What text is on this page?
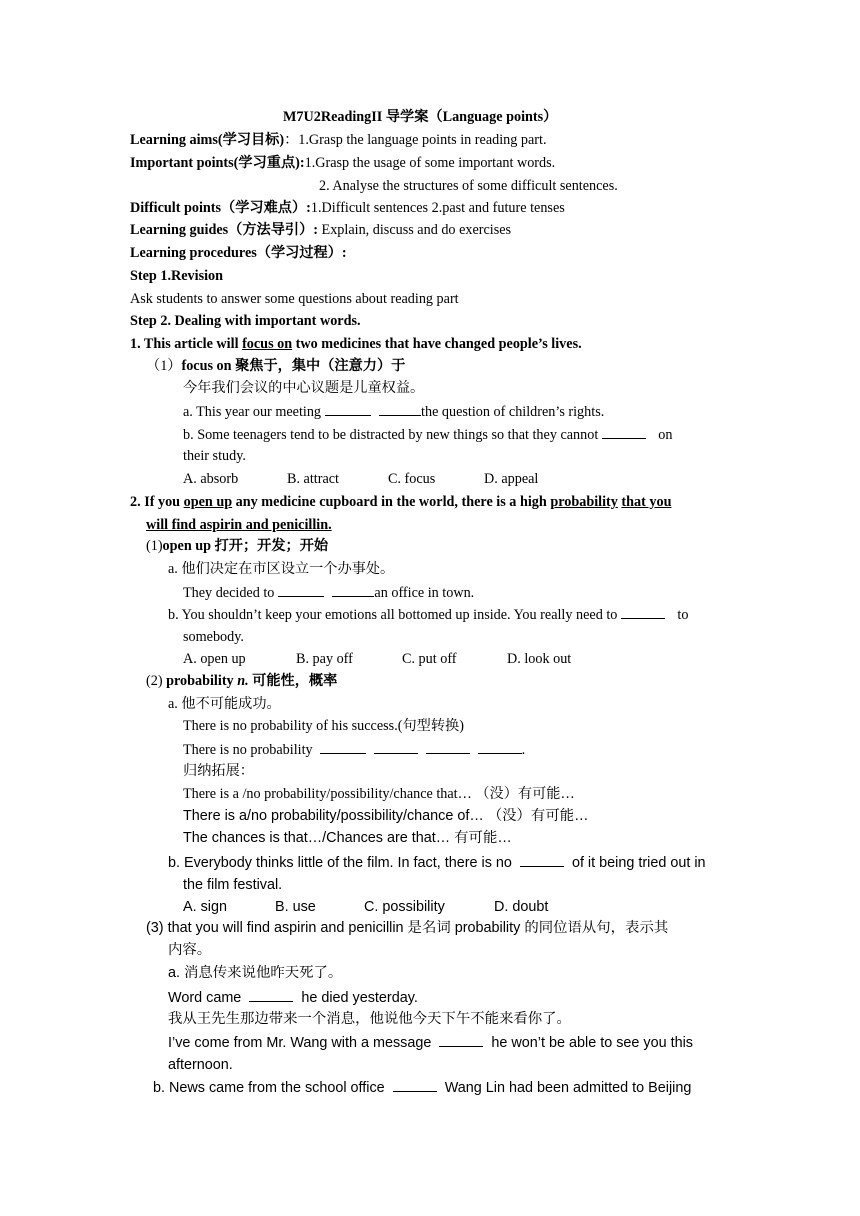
M7U2ReadingII 导学案（Language points）
Learning aims(学习目标)：1.Grasp the language points in reading part.
Important points(学习重点):1.Grasp the usage of some important words.
2. Analyse the structures of some difficult sentences.
Difficult points（学习难点）:1.Difficult sentences 2.past and future tenses
Learning guides（方法导引）: Explain, discuss and do exercises
Learning procedures（学习过程）:
Step 1.Revision
Ask students to answer some questions about reading part
Step 2. Dealing with important words.
1. This article will focus on two medicines that have changed people’s lives.
（1）focus on 聚焦于，集中（注意力）于
今年我们会议的中心议题是儿童权益。
a. This year our meeting	the question of children’s rights.
b. Some teenagers tend to be distracted by new things so that they cannot	on
their study.
A. absorb	B. attract	C. focus	D. appeal
2. If you open up any medicine cupboard in the world, there is a high probability that you
will find aspirin and penicillin.
(1)open up 打开；开发；开始
a. 他们决定在市区设立一个办事处。
They decided to	an office in town.
b. You shouldn’t keep your emotions all bottomed up inside. You really need to	to
somebody.
A. open up	B. pay off	C. put off	D. look out
(2) probability n. 可能性，概率
a. 他不可能成功。
There is no probability of his success.(句型转换)
There is no probability	.
归纳拓展：
There is a /no probability/possibility/chance that… （没）有可能…
There is a/no probability/possibility/chance of… （没）有可能…
The chances is that…/Chances are that… 有可能…
b. Everybody thinks little of the film. In fact, there is no	of it being tried out in
the film festival.
A. sign	B. use	C. possibility	D. doubt
(3) that you will find aspirin and penicillin 是名词 probability 的同位语从句，表示其
内容。
a. 消息传来说他昨天死了。
Word came	he died yesterday.
我从王先生那边带来一个消息，他说他今天下午不能来看你了。
I’ve come from Mr. Wang with a message	he won’t be able to see you this
afternoon.
b. News came from the school office	Wang Lin had been admitted to Beijing
